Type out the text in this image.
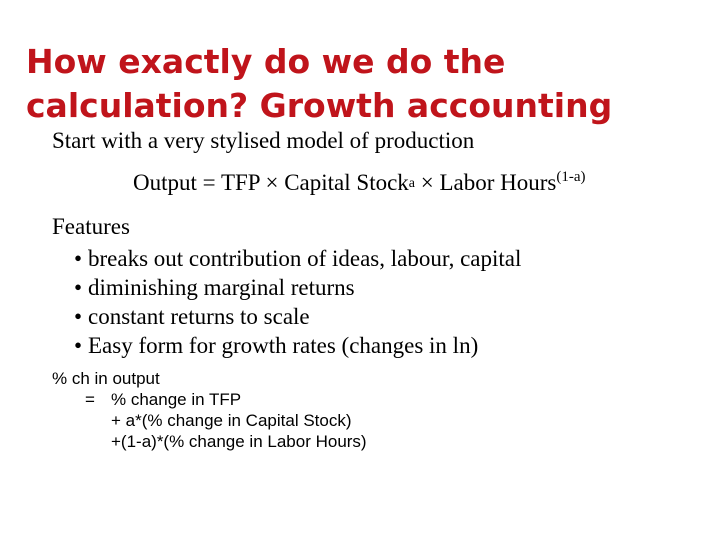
How exactly do we do the
calculation? Growth accounting
Start with a very stylised model of production
Output = TFP × Capital Stock$^a$ × Labor Hours$^{(1-a)}$
Features
• breaks out contribution of ideas, labour, capital
• diminishing marginal returns
• constant returns to scale
• Easy form for growth rates (changes in ln)
% ch in output
= % change in TFP
+ a*(% change in Capital Stock)
+(1-a)*(% change in Labor Hours)
